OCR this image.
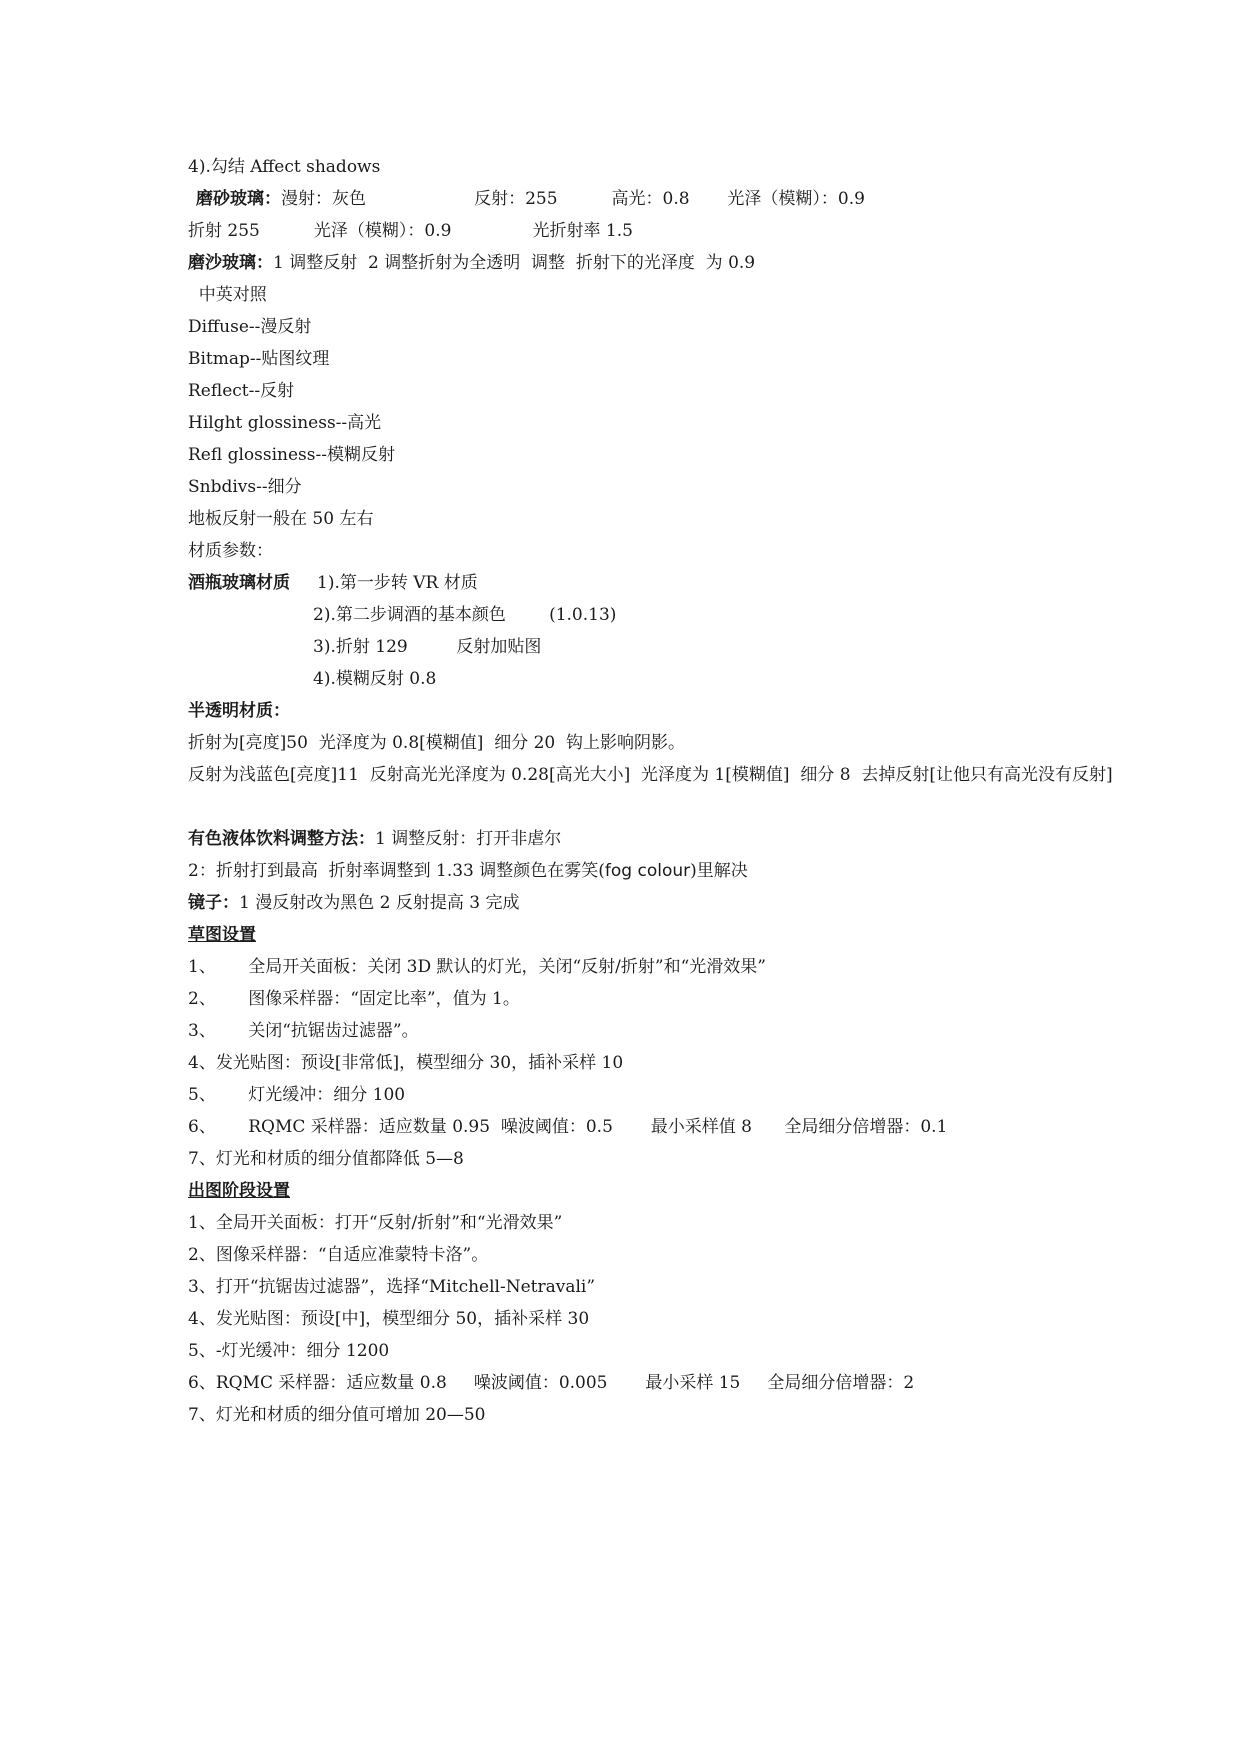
4).勾结 Affect shadows
磨砂玻璃：漫射：灰色                    反射：255          高光：0.8       光泽（模糊）：0.9
折射 255          光泽（模糊）：0.9               光折射率 1.5
磨沙玻璃：1 调整反射  2 调整折射为全透明  调整  折射下的光泽度  为 0.9
中英对照
Diffuse--漫反射
Bitmap--贴图纹理
Reflect--反射
Hilght glossiness--高光
Refl glossiness--模糊反射
Snbdivs--细分
地板反射一般在 50 左右
材质参数：
酒瓶玻璃材质     1).第一步转 VR 材质
2).第二步调酒的基本颜色        (1.0.13)
3).折射 129         反射加贴图
4).模糊反射 0.8
半透明材质：
折射为[亮度]50  光泽度为 0.8[模糊值]  细分 20  钩上影响阴影。
反射为浅蓝色[亮度]11  反射高光光泽度为 0.28[高光大小]  光泽度为 1[模糊值]  细分 8  去掉反射[让他只有高光没有反射]
有色液体饮料调整方法：1 调整反射：打开非虐尔
2：折射打到最高  折射率调整到 1.33 调整颜色在雾笑(fog colour)里解决
镜子：1 漫反射改为黑色 2 反射提高 3 完成
草图设置
1、      全局开关面板：关闭 3D 默认的灯光，关闭“反射/折射”和“光滑效果”
2、      图像采样器：“固定比率”，值为 1。
3、      关闭“抗锯齿过滤器”。
4、发光贴图：预设[非常低]，模型细分 30，插补采样 10
5、      灯光缓冲：细分 100
6、      RQMC 采样器：适应数量 0.95  噪波阈值：0.5       最小采样值 8      全局细分倍增器：0.1
7、灯光和材质的细分值都降低 5—8
出图阶段设置
1、全局开关面板：打开“反射/折射”和“光滑效果”
2、图像采样器：“自适应准蒙特卡洛”。
3、打开“抗锯齿过滤器”，选择“Mitchell-Netravali”
4、发光贴图：预设[中]，模型细分 50，插补采样 30
5、-灯光缓冲：细分 1200
6、RQMC 采样器：适应数量 0.8     噪波阈值：0.005       最小采样 15     全局细分倍增器：2
7、灯光和材质的细分值可增加 20—50
